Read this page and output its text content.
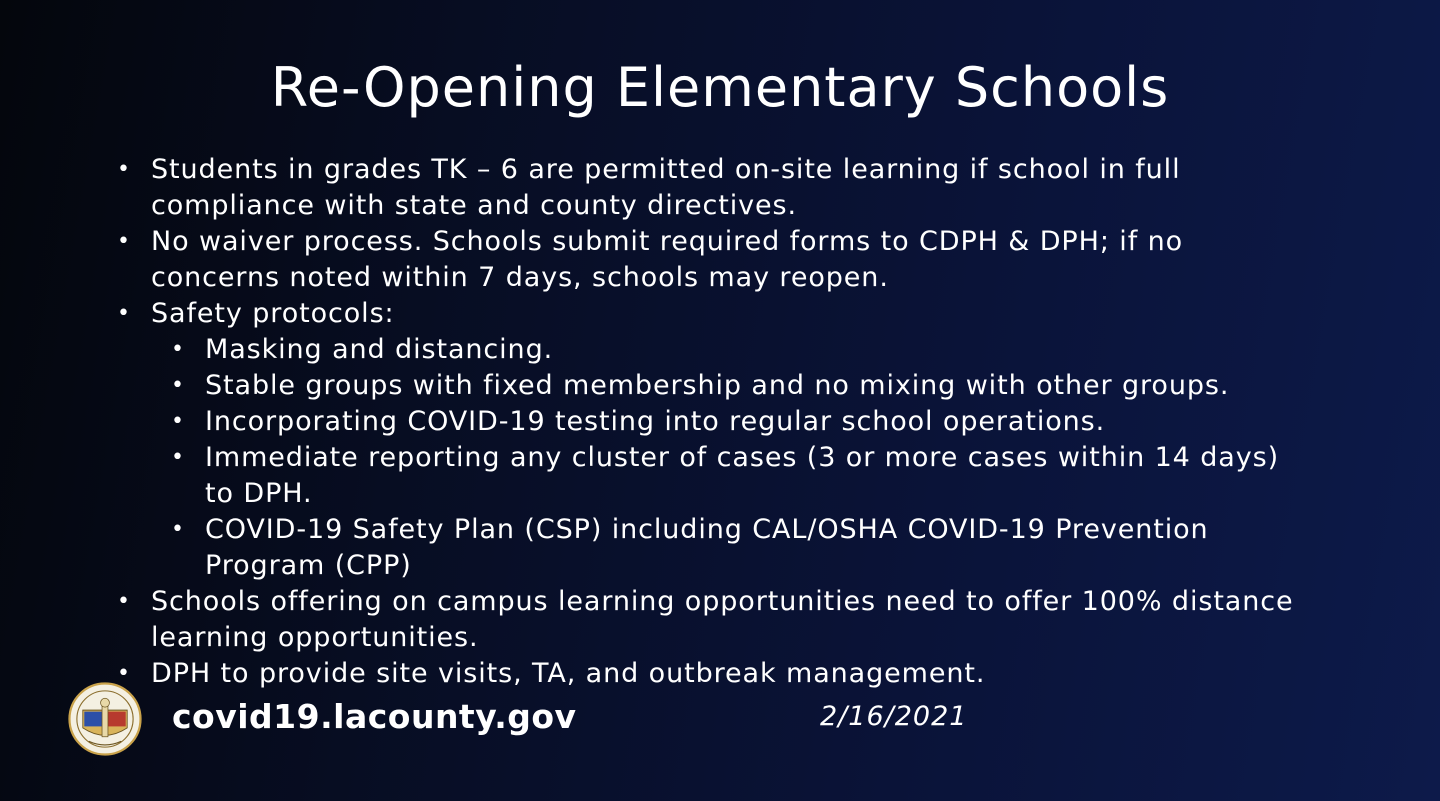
Re-Opening Elementary Schools
• Students in grades TK – 6 are permitted on-site learning if school in full compliance with state and county directives.
• No waiver process. Schools submit required forms to CDPH & DPH; if no concerns noted within 7 days, schools may reopen.
• Safety protocols:
• Masking and distancing.
• Stable groups with fixed membership and no mixing with other groups.
• Incorporating COVID-19 testing into regular school operations.
• Immediate reporting any cluster of cases (3 or more cases within 14 days) to DPH.
• COVID-19 Safety Plan (CSP) including CAL/OSHA COVID-19 Prevention Program (CPP)
• Schools offering on campus learning opportunities need to offer 100% distance learning opportunities.
• DPH to provide site visits, TA, and outbreak management.
covid19.lacounty.gov	2/16/2021
